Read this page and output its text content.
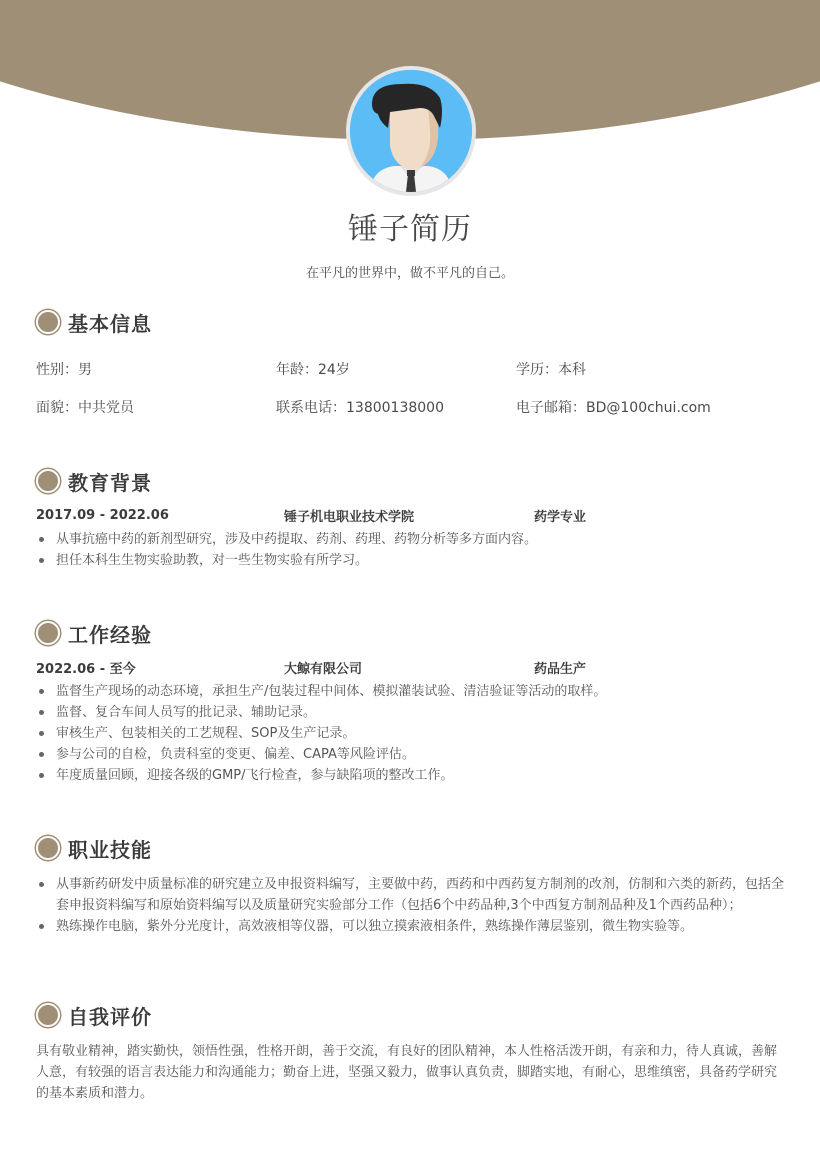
锤子简历
在平凡的世界中，做不平凡的自己。
基本信息
性别：男	年龄：24岁	学历：本科
面貌：中共党员	联系电话：13800138000	电子邮箱：BD@100chui.com
教育背景
2017.09 - 2022.06	锤子机电职业技术学院	药学专业
从事抗癌中药的新剂型研究，涉及中药提取、药剂、药理、药物分析等多方面内容。
担任本科生生物实验助教，对一些生物实验有所学习。
工作经验
2022.06 - 至今	大鲸有限公司	药品生产
监督生产现场的动态环境，承担生产/包装过程中间体、模拟灌装试验、清洁验证等活动的取样。
监督、复合车间人员写的批记录、辅助记录。
审核生产、包装相关的工艺规程、SOP及生产记录。
参与公司的自检，负责科室的变更、偏差、CAPA等风险评估。
年度质量回顾，迎接各级的GMP/飞行检查，参与缺陷项的整改工作。
职业技能
从事新药研发中质量标准的研究建立及申报资料编写，主要做中药，西药和中西药复方制剂的改剂，仿制和六类的新药，包括全套申报资料编写和原始资料编写以及质量研究实验部分工作（包括6个中药品种,3个中西复方制剂品种及1个西药品种）；
熟练操作电脑，紫外分光度计，高效液相等仪器，可以独立摸索液相条件，熟练操作薄层鉴别，微生物实验等。
自我评价

具有敬业精神，踏实勤快，领悟性强，性格开朗，善于交流，有良好的团队精神，本人性格活泼开朗，有亲和力，待人真诚，善解人意，有较强的语言表达能力和沟通能力；勤奋上进，坚强又毅力，做事认真负责，脚踏实地，有耐心，思维缜密，具备药学研究的基本素质和潜力。
